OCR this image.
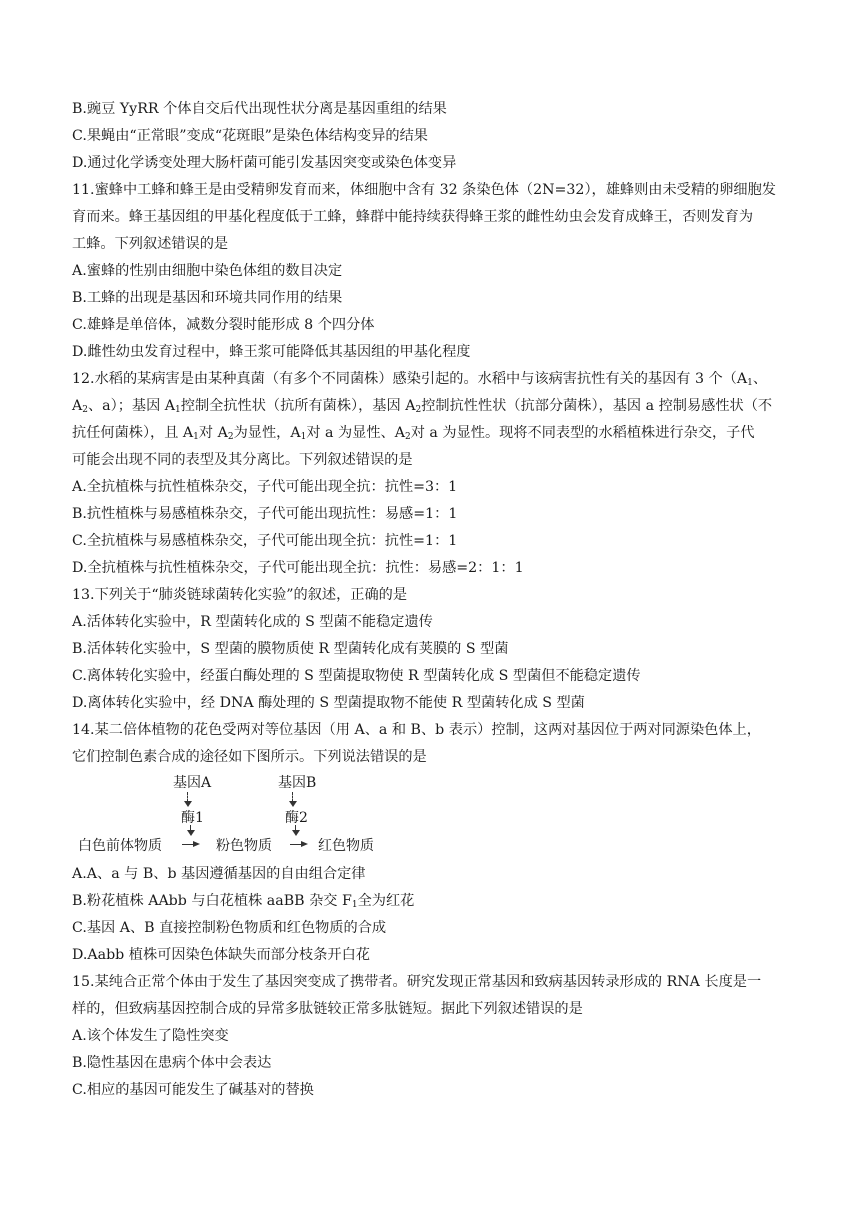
B.豌豆 YyRR 个体自交后代出现性状分离是基因重组的结果
C.果蝇由“正常眼”变成“花斑眼”是染色体结构变异的结果
D.通过化学诱变处理大肠杆菌可能引发基因突变或染色体变异
11.蜜蜂中工蜂和蜂王是由受精卵发育而来，体细胞中含有 32 条染色体（2N=32），雄蜂则由未受精的卵细胞发
育而来。蜂王基因组的甲基化程度低于工蜂，蜂群中能持续获得蜂王浆的雌性幼虫会发育成蜂王，否则发育为
工蜂。下列叙述错误的是
A.蜜蜂的性别由细胞中染色体组的数目决定
B.工蜂的出现是基因和环境共同作用的结果
C.雄蜂是单倍体，减数分裂时能形成 8 个四分体
D.雌性幼虫发育过程中，蜂王浆可能降低其基因组的甲基化程度
12.水稻的某病害是由某种真菌（有多个不同菌株）感染引起的。水稻中与该病害抗性有关的基因有 3 个（$A_1$、
$A_2$、a）；基因 $A_1$控制全抗性状（抗所有菌株），基因 $A_2$控制抗性性状（抗部分菌株），基因 a 控制易感性状（不
抗任何菌株），且 $A_1$对 $A_2$为显性，$A_1$对 a 为显性、$A_2$对 a 为显性。现将不同表型的水稻植株进行杂交，子代
可能会出现不同的表型及其分离比。下列叙述错误的是
A.全抗植株与抗性植株杂交，子代可能出现全抗：抗性=3：1
B.抗性植株与易感植株杂交，子代可能出现抗性：易感=1：1
C.全抗植株与易感植株杂交，子代可能出现全抗：抗性=1：1
D.全抗植株与抗性植株杂交，子代可能出现全抗：抗性：易感=2：1：1
13.下列关于“肺炎链球菌转化实验”的叙述，正确的是
A.活体转化实验中，R 型菌转化成的 S 型菌不能稳定遗传
B.活体转化实验中，S 型菌的膜物质使 R 型菌转化成有荚膜的 S 型菌
C.离体转化实验中，经蛋白酶处理的 S 型菌提取物使 R 型菌转化成 S 型菌但不能稳定遗传
D.离体转化实验中，经 DNA 酶处理的 S 型菌提取物不能使 R 型菌转化成 S 型菌
14.某二倍体植物的花色受两对等位基因（用 A、a 和 B、b 表示）控制，这两对基因位于两对同源染色体上，
它们控制色素合成的途径如下图所示。下列说法错误的是
基因A	基因B
酶1	酶2
白色前体物质	粉色物质	红色物质
A.A、a 与 B、b 基因遵循基因的自由组合定律
B.粉花植株 AAbb 与白花植株 aaBB 杂交 $F_1$全为红花
C.基因 A、B 直接控制粉色物质和红色物质的合成
D.Aabb 植株可因染色体缺失而部分枝条开白花
15.某纯合正常个体由于发生了基因突变成了携带者。研究发现正常基因和致病基因转录形成的 RNA 长度是一
样的，但致病基因控制合成的异常多肽链较正常多肽链短。据此下列叙述错误的是
A.该个体发生了隐性突变
B.隐性基因在患病个体中会表达
C.相应的基因可能发生了碱基对的替换
